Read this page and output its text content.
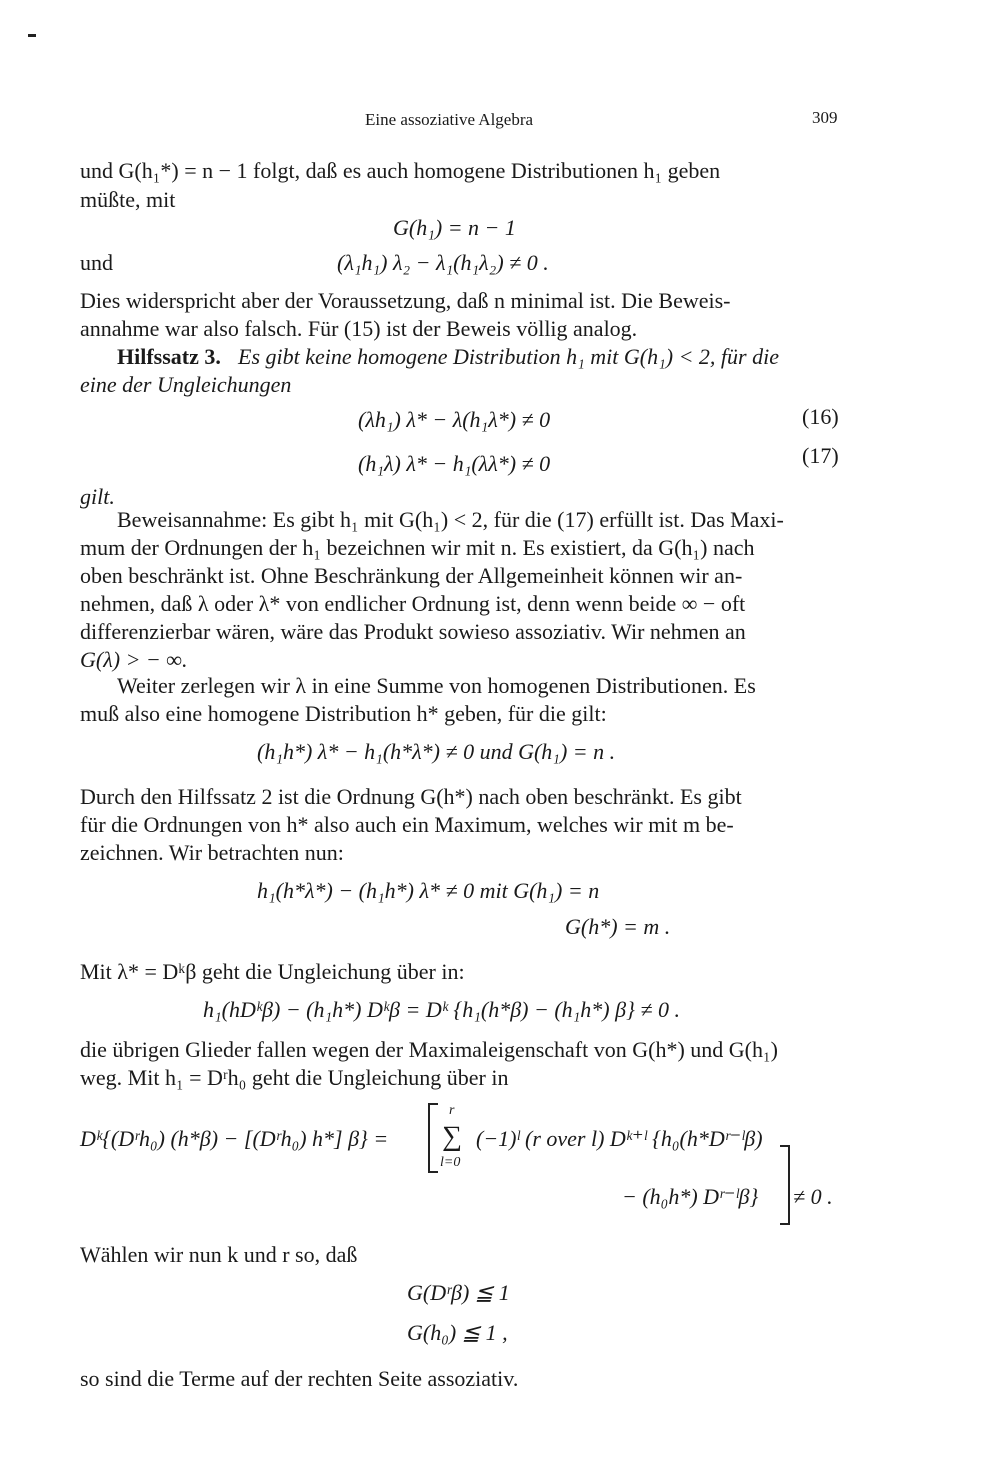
Eine assoziative Algebra	309
und G(h₁*) = n − 1 folgt, daß es auch homogene Distributionen h₁ geben
müßte, mit
G(h₁) = n − 1
und	(λ₁h₁) λ₂ − λ₁(h₁λ₂) ≠ 0 .
Dies widerspricht aber der Voraussetzung, daß n minimal ist. Die Beweis-
annahme war also falsch. Für (15) ist der Beweis völlig analog.
Hilfssatz 3. Es gibt keine homogene Distribution h₁ mit G(h₁) < 2, für die
eine der Ungleichungen
(λh₁) λ* − λ(h₁λ*) ≠ 0	(16)
(h₁λ) λ* − h₁(λλ*) ≠ 0	(17)
gilt.
Beweisannahme: Es gibt h₁ mit G(h₁) < 2, für die (17) erfüllt ist. Das Maxi-
mum der Ordnungen der h₁ bezeichnen wir mit n. Es existiert, da G(h₁) nach
oben beschränkt ist. Ohne Beschränkung der Allgemeinheit können wir an-
nehmen, daß λ oder λ* von endlicher Ordnung ist, denn wenn beide ∞ − oft
differenzierbar wären, wäre das Produkt sowieso assoziativ. Wir nehmen an
G(λ) > − ∞.
Weiter zerlegen wir λ in eine Summe von homogenen Distributionen. Es
muß also eine homogene Distribution h* geben, für die gilt:
(h₁h*) λ* − h₁(h*λ*) ≠ 0 und G(h₁) = n .
Durch den Hilfssatz 2 ist die Ordnung G(h*) nach oben beschränkt. Es gibt
für die Ordnungen von h* also auch ein Maximum, welches wir mit m be-
zeichnen. Wir betrachten nun:
h₁(h*λ*) − (h₁h*) λ* ≠ 0 mit G(h₁) = n
G(h*) = m .
Mit λ* = Dᵏβ geht die Ungleichung über in:
h₁(hDᵏβ) − (h₁h*) Dᵏβ = Dᵏ {h₁(h*β) − (h₁h*) β} ≠ 0 .
die übrigen Glieder fallen wegen der Maximaleigenschaft von G(h*) und G(h₁)
weg. Mit h₁ = Dʳh₀ geht die Ungleichung über in
Dᵏ{(Dʳh₀) (h*β) − [(Dʳh₀) h*] β} = ∑
r
l=0
(−1)ˡ (r over l) Dᵏ⁺ˡ {h₀(h*Dʳ⁻ˡβ)
− (h₀h*) Dʳ⁻ˡβ} ≠ 0 .
Wählen wir nun k und r so, daß
G(Dʳβ) ≦ 1
G(h₀) ≦ 1 ,
so sind die Terme auf der rechten Seite assoziativ.
